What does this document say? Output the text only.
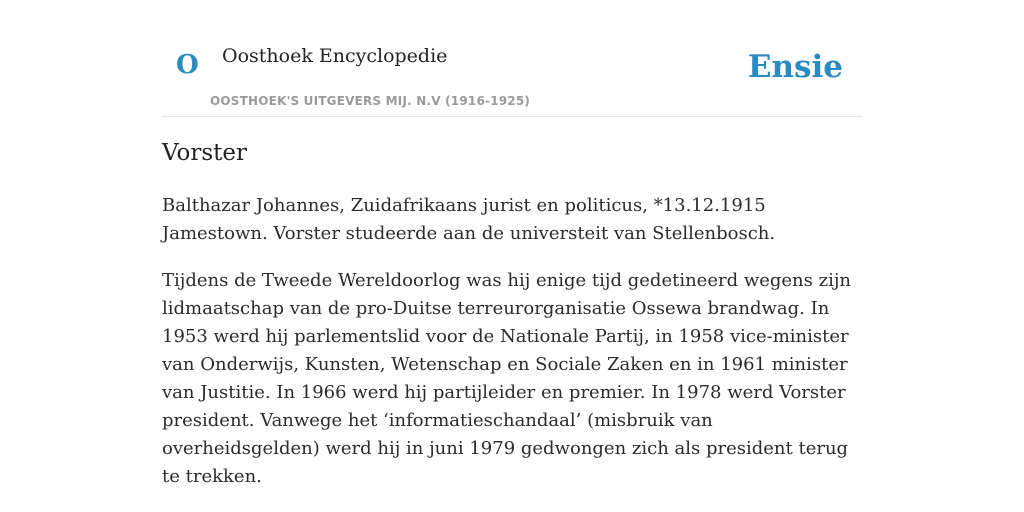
O Oosthoek Encyclopedie
OOSTHOEK'S UITGEVERS MIJ. N.V (1916-1925)
Ensie
Vorster

Balthazar Johannes, Zuidafrikaans jurist en politicus, *13.12.1915 Jamestown. Vorster studeerde aan de universteit van Stellenbosch.

Tijdens de Tweede Wereldoorlog was hij enige tijd gedetineerd wegens zijn lidmaatschap van de pro-Duitse terreurorganisatie Ossewa brandwag. In 1953 werd hij parlementslid voor de Nationale Partij, in 1958 vice-minister van Onderwijs, Kunsten, Wetenschap en Sociale Zaken en in 1961 minister van Justitie. In 1966 werd hij partijleider en premier. In 1978 werd Vorster president. Vanwege het ‘informatieschandaal’ (misbruik van overheidsgelden) werd hij in juni 1979 gedwongen zich als president terug te trekken.
